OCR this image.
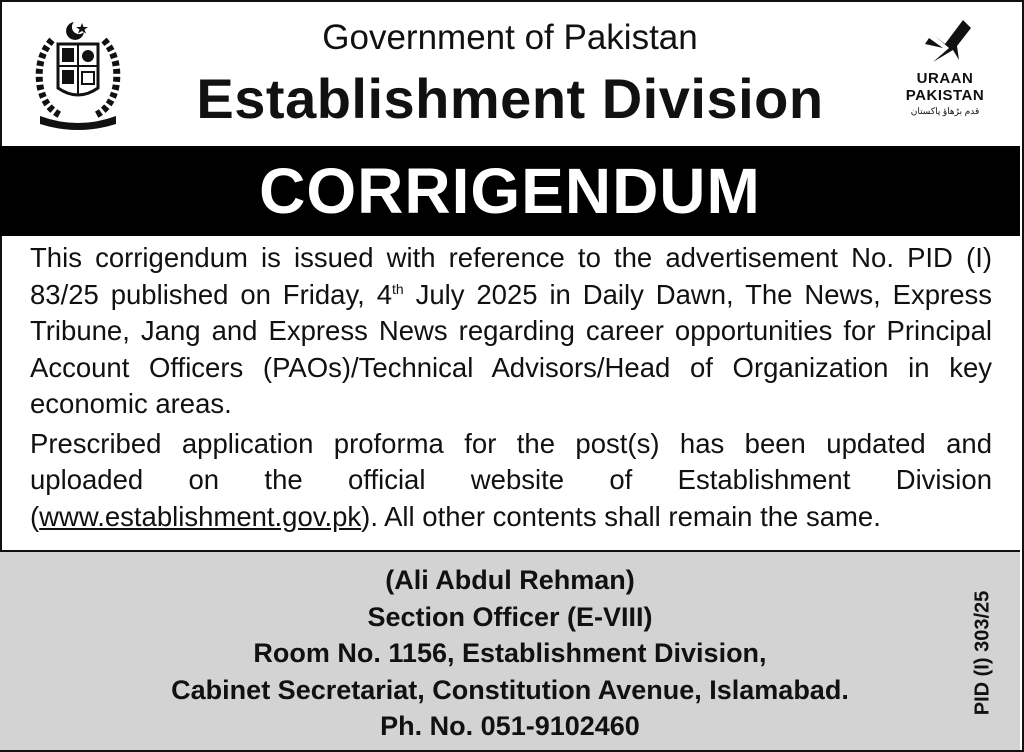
Government of Pakistan
Establishment Division	URAAN
PAKISTAN
قدم بڑھاؤ پاکستان
CORRIGENDUM

This corrigendum is issued with reference to the advertisement No. PID (I) 83/25 published on Friday, 4th July 2025 in Daily Dawn, The News, Express Tribune, Jang and Express News regarding career opportunities for Principal Account Officers (PAOs)/Technical Advisors/Head of Organization in key economic areas.

Prescribed application proforma for the post(s) has been updated and uploaded on the official website of Establishment Division (www.establishment.gov.pk). All other contents shall remain the same.

(Ali Abdul Rehman)
Section Officer (E-VIII)
Room No. 1156, Establishment Division,
Cabinet Secretariat, Constitution Avenue, Islamabad.
Ph. No. 051-9102460
PID (I) 303/25
